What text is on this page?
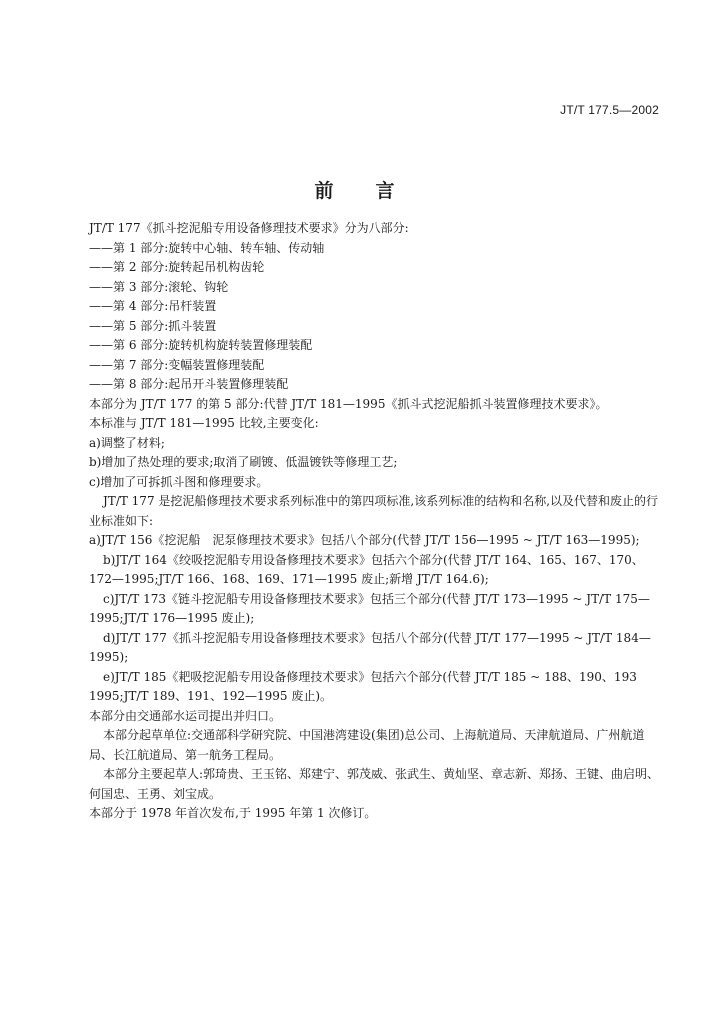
JT/T 177.5—2002
前言

JT/T 177《抓斗挖泥船专用设备修理技术要求》分为八部分:

——第 1 部分:旋转中心轴、转车轴、传动轴

——第 2 部分:旋转起吊机构齿轮

——第 3 部分:滚轮、钩轮

——第 4 部分:吊杆装置

——第 5 部分:抓斗装置

——第 6 部分:旋转机构旋转装置修理装配

——第 7 部分:变幅装置修理装配

——第 8 部分:起吊开斗装置修理装配

本部分为 JT/T 177 的第 5 部分:代替 JT/T 181—1995《抓斗式挖泥船抓斗装置修理技术要求》。

本标准与 JT/T 181—1995 比较,主要变化:

a)调整了材料;

b)增加了热处理的要求;取消了刷镀、低温镀铁等修理工艺;

c)增加了可拆抓斗图和修理要求。

JT/T 177 是挖泥船修理技术要求系列标准中的第四项标准,该系列标准的结构和名称,以及代替和废止的行业标准如下:

a)JT/T 156《挖泥船　泥泵修理技术要求》包括八个部分(代替 JT/T 156—1995 ~ JT/T 163—1995);

b)JT/T 164《绞吸挖泥船专用设备修理技术要求》包括六个部分(代替 JT/T 164、165、167、170、172—1995;JT/T 166、168、169、171—1995 废止;新增 JT/T 164.6);

c)JT/T 173《链斗挖泥船专用设备修理技术要求》包括三个部分(代替 JT/T 173—1995 ~ JT/T 175—1995;JT/T 176—1995 废止);

d)JT/T 177《抓斗挖泥船专用设备修理技术要求》包括八个部分(代替 JT/T 177—1995 ~ JT/T 184—1995);

e)JT/T 185《耙吸挖泥船专用设备修理技术要求》包括六个部分(代替 JT/T 185 ~ 188、190、193 1995;JT/T 189、191、192—1995 废止)。

本部分由交通部水运司提出并归口。

本部分起草单位:交通部科学研究院、中国港湾建设(集团)总公司、上海航道局、天津航道局、广州航道局、长江航道局、第一航务工程局。

本部分主要起草人:郭琦贵、王玉铭、郑建宁、郭茂威、张武生、黄灿坚、章志新、郑扬、王键、曲启明、何国忠、王勇、刘宝成。

本部分于 1978 年首次发布,于 1995 年第 1 次修订。
